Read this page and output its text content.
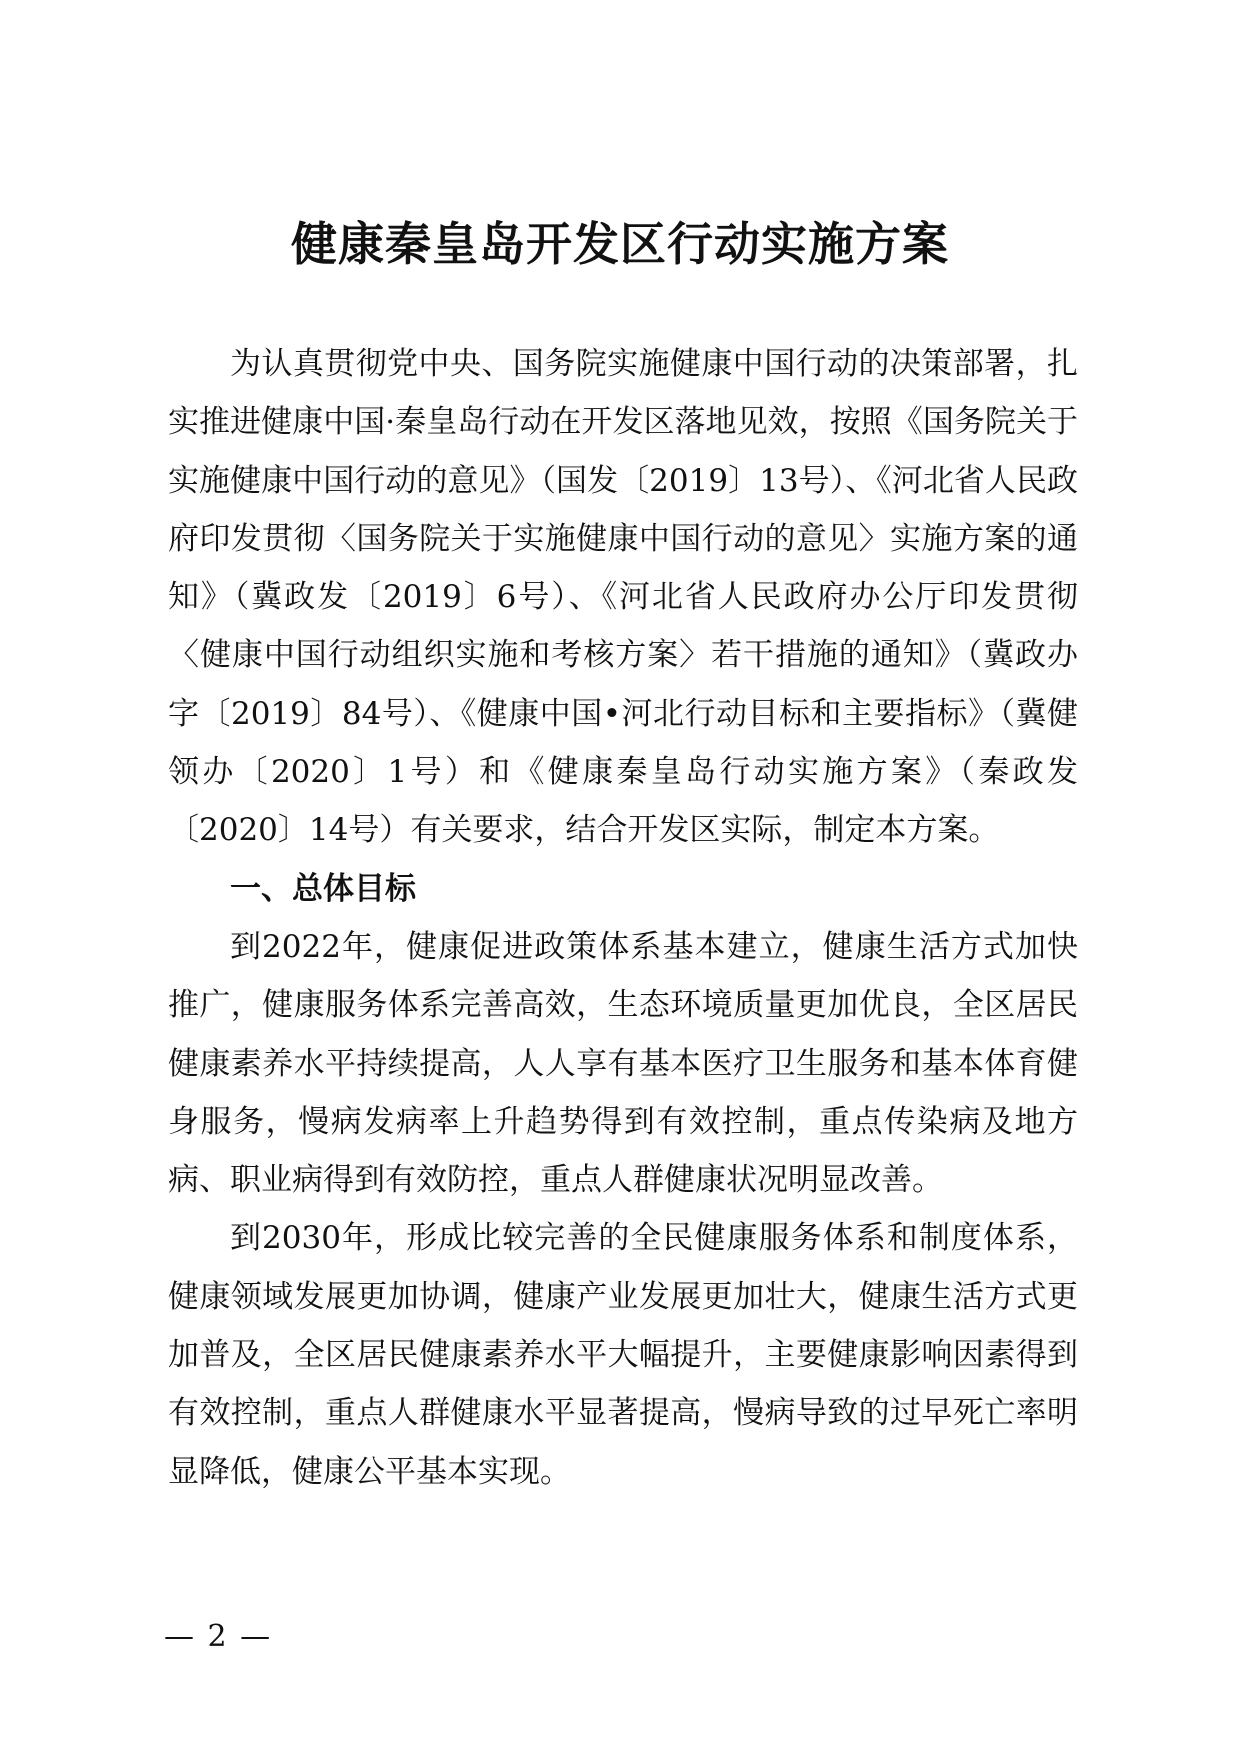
健康秦皇岛开发区行动实施方案

为认真贯彻党中央、国务院实施健康中国行动的决策部署，扎实推进健康中国·秦皇岛行动在开发区落地见效，按照《国务院关于实施健康中国行动的意见》（国发〔2019〕13号）、《河北省人民政府印发贯彻〈国务院关于实施健康中国行动的意见〉实施方案的通知》（冀政发〔2019〕6号）、《河北省人民政府办公厅印发贯彻〈健康中国行动组织实施和考核方案〉若干措施的通知》（冀政办字〔2019〕84号）、《健康中国•河北行动目标和主要指标》（冀健领办〔2020〕1号）和《健康秦皇岛行动实施方案》（秦政发〔2020〕14号）有关要求，结合开发区实际，制定本方案。

一、总体目标

到2022年，健康促进政策体系基本建立，健康生活方式加快推广，健康服务体系完善高效，生态环境质量更加优良，全区居民健康素养水平持续提高，人人享有基本医疗卫生服务和基本体育健身服务，慢病发病率上升趋势得到有效控制，重点传染病及地方病、职业病得到有效防控，重点人群健康状况明显改善。

到2030年，形成比较完善的全民健康服务体系和制度体系，健康领域发展更加协调，健康产业发展更加壮大，健康生活方式更加普及，全区居民健康素养水平大幅提升，主要健康影响因素得到有效控制，重点人群健康水平显著提高，慢病导致的过早死亡率明显降低，健康公平基本实现。

— 2 —
